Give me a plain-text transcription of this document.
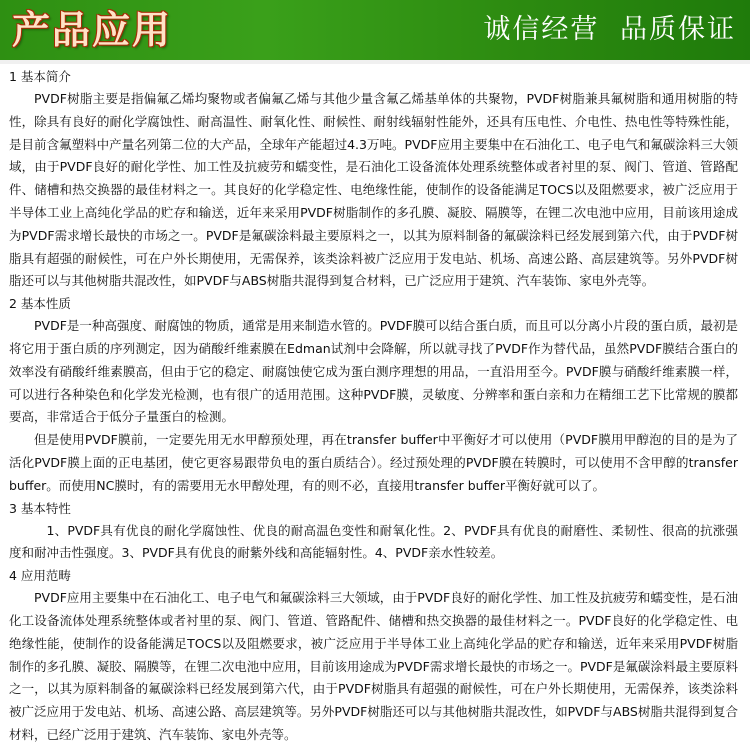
产品应用	诚信经营 品质保证
1 基本简介

PVDF树脂主要是指偏氟乙烯均聚物或者偏氟乙烯与其他少量含氟乙烯基单体的共聚物，PVDF树脂兼具氟树脂和通用树脂的特性，除具有良好的耐化学腐蚀性、耐高温性、耐氧化性、耐候性、耐射线辐射性能外，还具有压电性、介电性、热电性等特殊性能，是目前含氟塑料中产量名列第二位的大产品，全球年产能超过4.3万吨。PVDF应用主要集中在石油化工、电子电气和氟碳涂料三大领域，由于PVDF良好的耐化学性、加工性及抗疲劳和蠕变性，是石油化工设备流体处理系统整体或者衬里的泵、阀门、管道、管路配件、储槽和热交换器的最佳材料之一。其良好的化学稳定性、电绝缘性能，使制作的设备能满足TOCS以及阻燃要求，被广泛应用于半导体工业上高纯化学品的贮存和输送，近年来采用PVDF树脂制作的多孔膜、凝胶、隔膜等，在锂二次电池中应用，目前该用途成为PVDF需求增长最快的市场之一。PVDF是氟碳涂料最主要原料之一，以其为原料制备的氟碳涂料已经发展到第六代，由于PVDF树脂具有超强的耐候性，可在户外长期使用，无需保养，该类涂料被广泛应用于发电站、机场、高速公路、高层建筑等。另外PVDF树脂还可以与其他树脂共混改性，如PVDF与ABS树脂共混得到复合材料，已广泛应用于建筑、汽车装饰、家电外壳等。

2 基本性质

PVDF是一种高强度、耐腐蚀的物质，通常是用来制造水管的。PVDF膜可以结合蛋白质，而且可以分离小片段的蛋白质，最初是将它用于蛋白质的序列测定，因为硝酸纤维素膜在Edman试剂中会降解，所以就寻找了PVDF作为替代品，虽然PVDF膜结合蛋白的效率没有硝酸纤维素膜高，但由于它的稳定、耐腐蚀使它成为蛋白测序理想的用品，一直沿用至今。PVDF膜与硝酸纤维素膜一样，可以进行各种染色和化学发光检测，也有很广的适用范围。这种PVDF膜，灵敏度、分辨率和蛋白亲和力在精细工艺下比常规的膜都要高，非常适合于低分子量蛋白的检测。

但是使用PVDF膜前，一定要先用无水甲醇预处理，再在transfer buffer中平衡好才可以使用（PVDF膜用甲醇泡的目的是为了活化PVDF膜上面的正电基团，使它更容易跟带负电的蛋白质结合）。经过预处理的PVDF膜在转膜时，可以使用不含甲醇的transfer buffer。而使用NC膜时，有的需要用无水甲醇处理，有的则不必，直接用transfer buffer平衡好就可以了。

3 基本特性

1、PVDF具有优良的耐化学腐蚀性、优良的耐高温色变性和耐氧化性。2、PVDF具有优良的耐磨性、柔韧性、很高的抗涨强度和耐冲击性强度。3、PVDF具有优良的耐紫外线和高能辐射性。4、PVDF亲水性较差。

4 应用范畴

PVDF应用主要集中在石油化工、电子电气和氟碳涂料三大领域，由于PVDF良好的耐化学性、加工性及抗疲劳和蠕变性，是石油化工设备流体处理系统整体或者衬里的泵、阀门、管道、管路配件、储槽和热交换器的最佳材料之一。PVDF良好的化学稳定性、电绝缘性能，使制作的设备能满足TOCS以及阻燃要求，被广泛应用于半导体工业上高纯化学品的贮存和输送，近年来采用PVDF树脂制作的多孔膜、凝胶、隔膜等，在锂二次电池中应用，目前该用途成为PVDF需求增长最快的市场之一。PVDF是氟碳涂料最主要原料之一，以其为原料制备的氟碳涂料已经发展到第六代，由于PVDF树脂具有超强的耐候性，可在户外长期使用，无需保养，该类涂料被广泛应用于发电站、机场、高速公路、高层建筑等。另外PVDF树脂还可以与其他树脂共混改性，如PVDF与ABS树脂共混得到复合材料，已经广泛用于建筑、汽车装饰、家电外壳等。
